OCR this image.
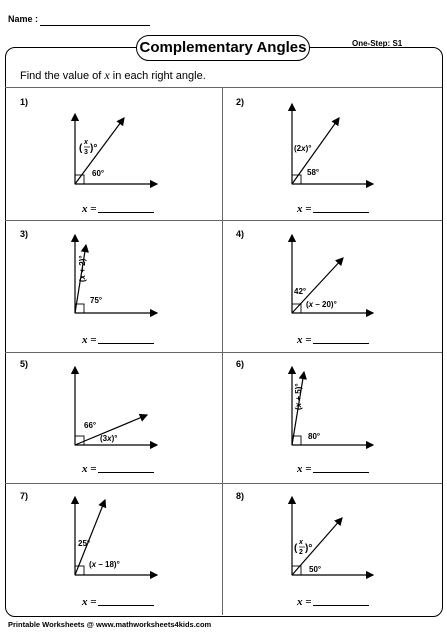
Name :
Complementary Angles	One-Step: S1
Find the value of x in each right angle.
1)
(
x
3 )°
60°
(2x)°
58°
(x + 2)°
75°
42°
(x – 20)°
66°
(3x)°
(x + 5)°
80°
25°
(x – 18)°
(
x
2 )°
50°
2)
3)	4)
5)	6)
7)	8)
x =	x =
x =	x =
x =	x =
x =	x =
Printable Worksheets @ www.mathworksheets4kids.com
